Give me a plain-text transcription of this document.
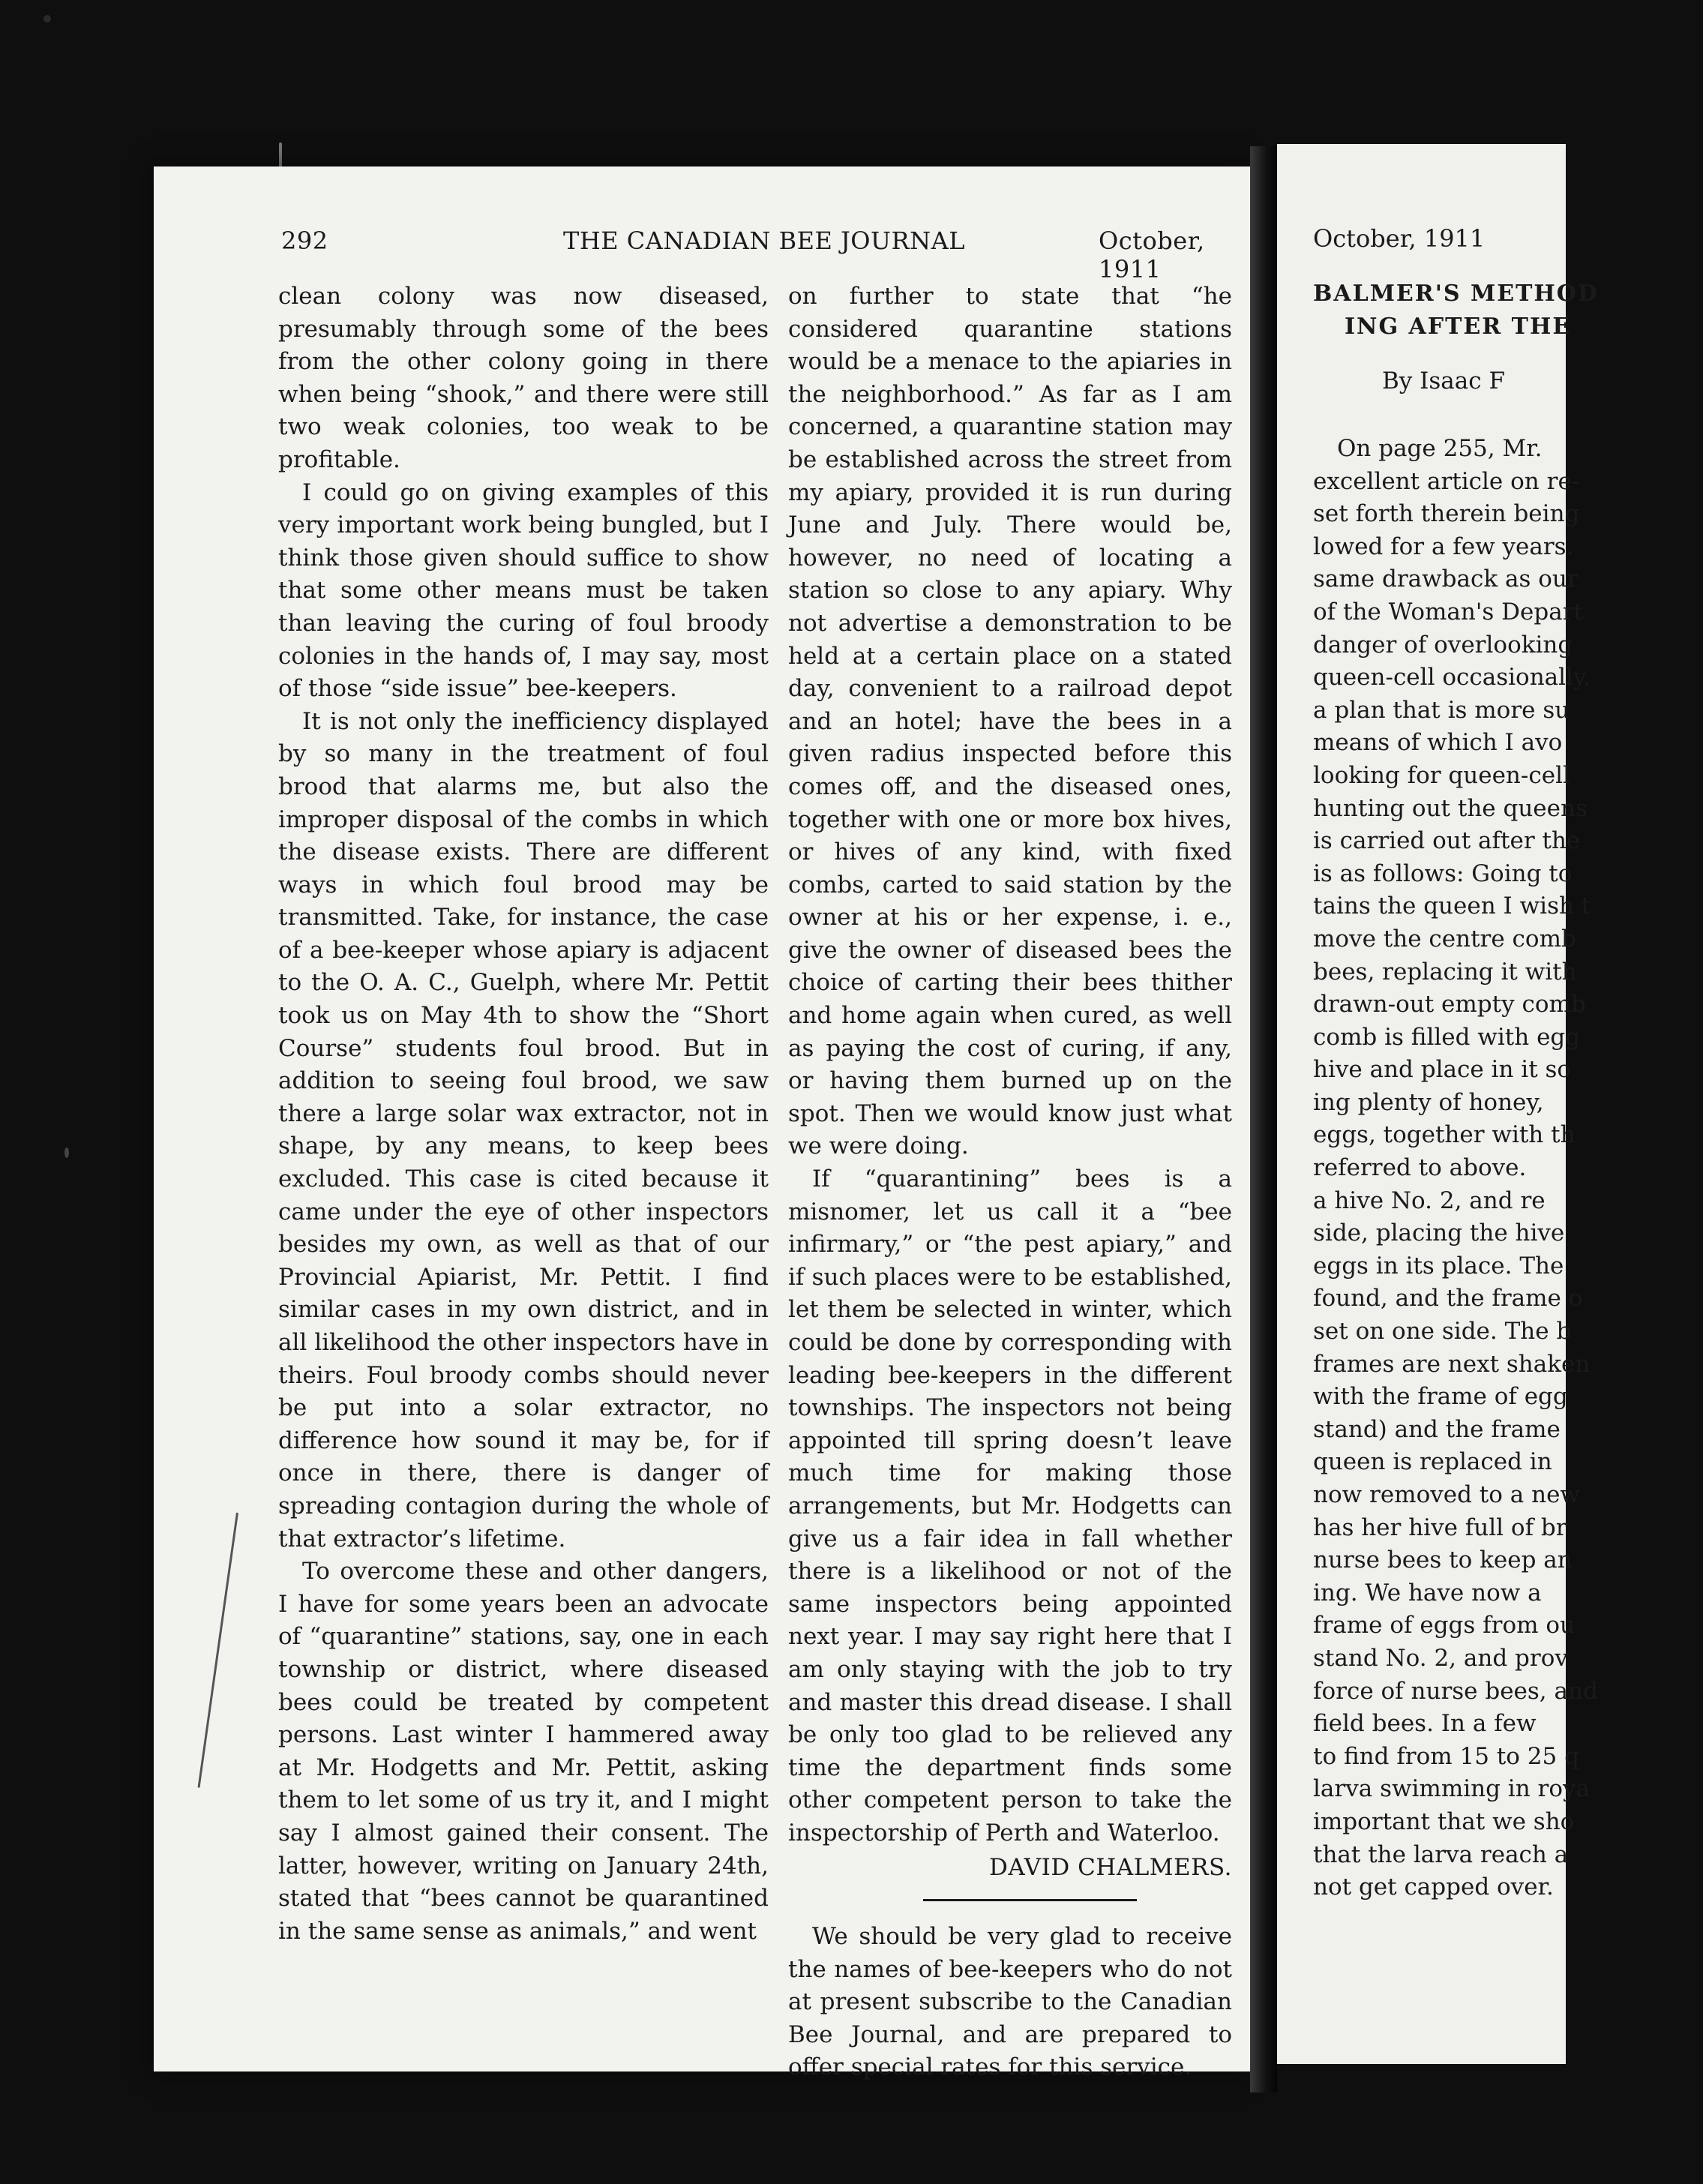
292	THE CANADIAN BEE JOURNAL	October, 1911

clean colony was now diseased, presumably through some of the bees from the other colony going in there when being “shook,” and there were still two weak colonies, too weak to be profitable.

I could go on giving examples of this very important work being bungled, but I think those given should suffice to show that some other means must be taken than leaving the curing of foul broody colonies in the hands of, I may say, most of those “side issue” bee-keepers.

It is not only the inefficiency displayed by so many in the treatment of foul brood that alarms me, but also the improper disposal of the combs in which the disease exists. There are different ways in which foul brood may be transmitted. Take, for instance, the case of a bee-keeper whose apiary is adjacent to the O. A. C., Guelph, where Mr. Pettit took us on May 4th to show the “Short Course” students foul brood. But in addition to seeing foul brood, we saw there a large solar wax extractor, not in shape, by any means, to keep bees excluded. This case is cited because it came under the eye of other inspectors besides my own, as well as that of our Provincial Apiarist, Mr. Pettit. I find similar cases in my own district, and in all likelihood the other inspectors have in theirs. Foul broody combs should never be put into a solar extractor, no difference how sound it may be, for if once in there, there is danger of spreading contagion during the whole of that extractor’s lifetime.

To overcome these and other dangers, I have for some years been an advocate of “quarantine” stations, say, one in each township or district, where diseased bees could be treated by competent persons. Last winter I hammered away at Mr. Hodgetts and Mr. Pettit, asking them to let some of us try it, and I might say I almost gained their consent. The latter, however, writing on January 24th, stated that “bees cannot be quarantined in the same sense as animals,” and went

on further to state that “he considered quarantine stations would be a menace to the apiaries in the neighborhood.” As far as I am concerned, a quarantine station may be established across the street from my apiary, provided it is run during June and July. There would be, however, no need of locating a station so close to any apiary. Why not advertise a demonstration to be held at a certain place on a stated day, convenient to a railroad depot and an hotel; have the bees in a given radius inspected before this comes off, and the diseased ones, together with one or more box hives, or hives of any kind, with fixed combs, carted to said station by the owner at his or her expense, i. e., give the owner of diseased bees the choice of carting their bees thither and home again when cured, as well as paying the cost of curing, if any, or having them burned up on the spot. Then we would know just what we were doing.

If “quarantining” bees is a misnomer, let us call it a “bee infirmary,” or “the pest apiary,” and if such places were to be established, let them be selected in winter, which could be done by corresponding with leading bee-keepers in the different townships. The inspectors not being appointed till spring doesn’t leave much time for making those arrangements, but Mr. Hodgetts can give us a fair idea in fall whether there is a likelihood or not of the same inspectors being appointed next year. I may say right here that I am only staying with the job to try and master this dread disease. I shall be only too glad to be relieved any time the department finds some other competent person to take the inspectorship of Perth and Waterloo.

DAVID CHALMERS.

We should be very glad to receive the names of bee-keepers who do not at present subscribe to the Canadian Bee Journal, and are prepared to offer special rates for this service.

October, 1911
BALMER'S METHOD
ING AFTER THE
By Isaac F

On page 255, Mr.

excellent article on re-

set forth therein being

lowed for a few years.

same drawback as our

of the Woman's Depart

danger of overlooking

queen-cell occasionally.

a plan that is more su

means of which I avo

looking for queen-cell

hunting out the queens

is carried out after the

is as follows: Going to

tains the queen I wish t

move the centre comb

bees, replacing it with

drawn-out empty comb

comb is filled with egg

hive and place in it so

ing plenty of honey,

eggs, together with th

referred to above.

a hive No. 2, and re

side, placing the hive

eggs in its place. The

found, and the frame o

set on one side. The b

frames are next shaken

with the frame of egg

stand) and the frame

queen is replaced in

now removed to a new

has her hive full of br

nurse bees to keep an

ing. We have now a

frame of eggs from ou

stand No. 2, and prov

force of nurse bees, and

field bees. In a few

to find from 15 to 25 q

larva swimming in roya

important that we sho

that the larva reach a

not get capped over.
